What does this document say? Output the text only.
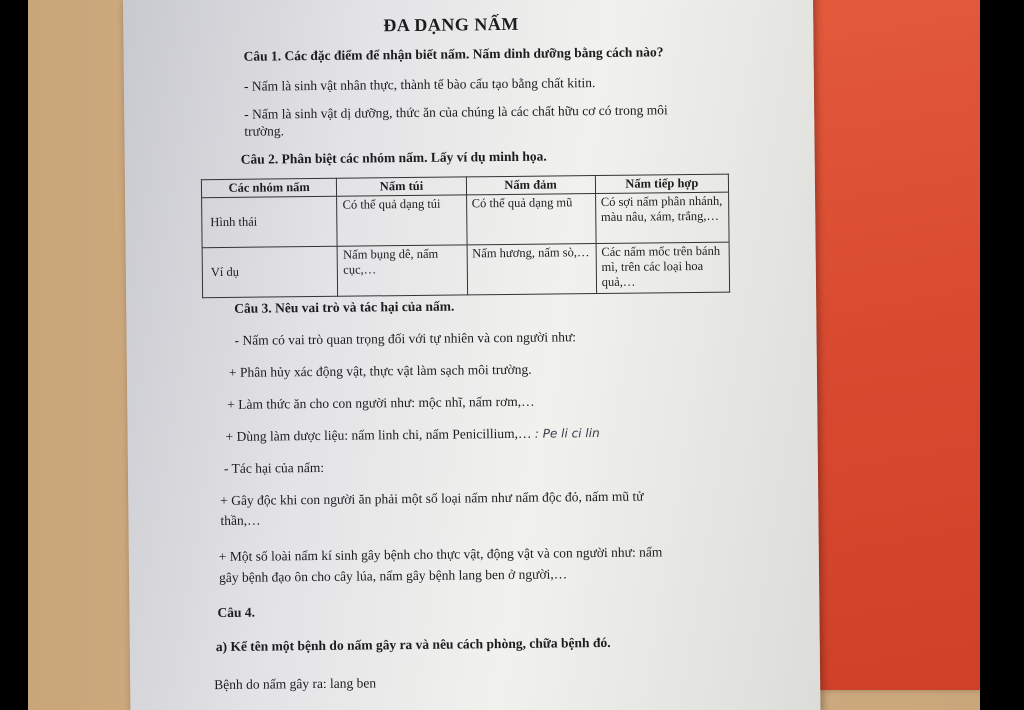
ĐA DẠNG NẤM
Câu 1. Các đặc điểm để nhận biết nấm. Nấm dinh dưỡng bằng cách nào?
- Nấm là sinh vật nhân thực, thành tế bào cấu tạo bằng chất kitin.
- Nấm là sinh vật dị dưỡng, thức ăn của chúng là các chất hữu cơ có trong môi
trường.
Câu 2. Phân biệt các nhóm nấm. Lấy ví dụ minh họa.
Các nhóm nấm	Nấm túi	Nấm đảm	Nấm tiếp hợp
Hình thái	Có thể quả dạng túi	Có thể quả dạng mũ	Có sợi nấm phân nhánh, màu nâu, xám, trắng,…
Ví dụ	Nấm bụng dê, nấm cục,…	Nấm hương, nấm sò,…	Các nấm mốc trên bánh mì, trên các loại hoa quả,…
Câu 3. Nêu vai trò và tác hại của nấm.
- Nấm có vai trò quan trọng đối với tự nhiên và con người như:
+ Phân hủy xác động vật, thực vật làm sạch môi trường.
+ Làm thức ăn cho con người như: mộc nhĩ, nấm rơm,…
+ Dùng làm dược liệu: nấm linh chi, nấm Penicillium,… : Pe li ci lin
- Tác hại của nấm:
+ Gây độc khi con người ăn phải một số loại nấm như nấm độc đỏ, nấm mũ tử
thần,…
+ Một số loài nấm kí sinh gây bệnh cho thực vật, động vật và con người như: nấm
gây bệnh đạo ôn cho cây lúa, nấm gây bệnh lang ben ở người,…
Câu 4.
a) Kể tên một bệnh do nấm gây ra và nêu cách phòng, chữa bệnh đó.
Bệnh do nấm gây ra: lang ben
